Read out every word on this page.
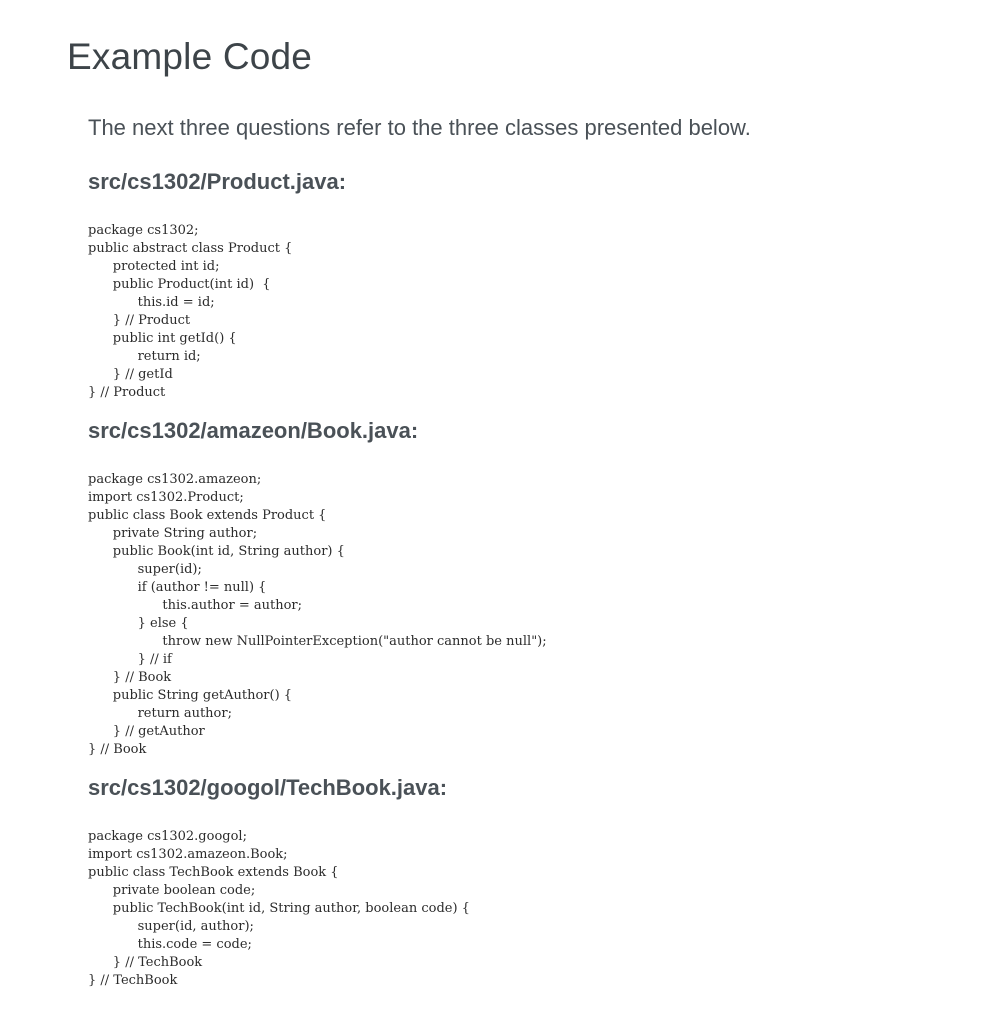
Example Code

The next three questions refer to the three classes presented below.

src/cs1302/Product.java:
package cs1302;
public abstract class Product {
	protected int id;
	public Product(int id)  {
		this.id = id;
	} // Product
	public int getId() {
		return id;
	} // getId
} // Product
src/cs1302/amazeon/Book.java:
package cs1302.amazeon;
import cs1302.Product;
public class Book extends Product {
	private String author;
	public Book(int id, String author) {
		super(id);
		if (author != null) {
			this.author = author;
		} else {
			throw new NullPointerException("author cannot be null");
		} // if
	} // Book
	public String getAuthor() {
		return author;
	} // getAuthor
} // Book
src/cs1302/googol/TechBook.java:
package cs1302.googol;
import cs1302.amazeon.Book;
public class TechBook extends Book {
	private boolean code;
	public TechBook(int id, String author, boolean code) {
		super(id, author);
		this.code = code;
	} // TechBook
} // TechBook
